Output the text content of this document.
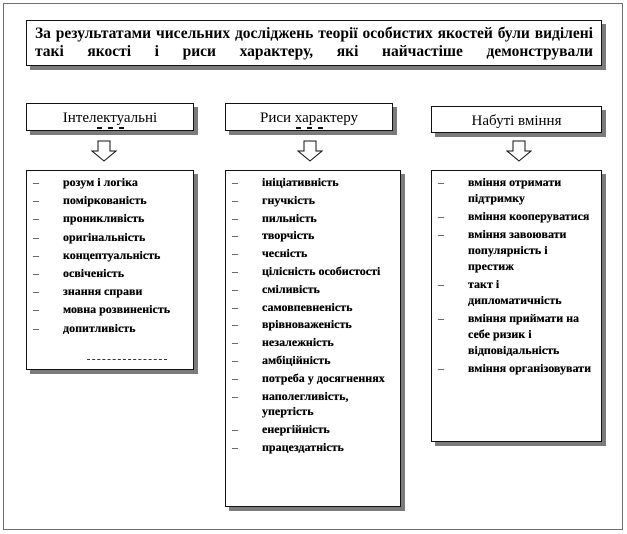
За результатами чисельних досліджень теорії особистих якостей були виділені такі якості і риси характеру, які найчастіше демонстрували
Інтелектуальні	Риси характеру	Набуті вміння
–	розум і логіка
–	поміркованість
–	проникливість
–	оригінальність
–	концептуальність
–	освіченість
–	знання справи
–	мовна розвиненість
–	допитливість
–	ініціативність
–	гнучкість
–	пильність
–	творчість
–	чесність
–	цілісність особистості
–	сміливість
–	самовпевненість
–	врівноваженість
–	незалежність
–	амбіційність
–	потреба у досягненнях
–	наполегливість, упертість
–	енергійність
–	працездатність
–	вміння отримати підтримку
–	вміння кооперуватися
–	вміння завоювати популярність і престиж
–	такт і дипломатичність
–	вміння приймати на себе ризик і відповідальність
–	вміння організовувати
